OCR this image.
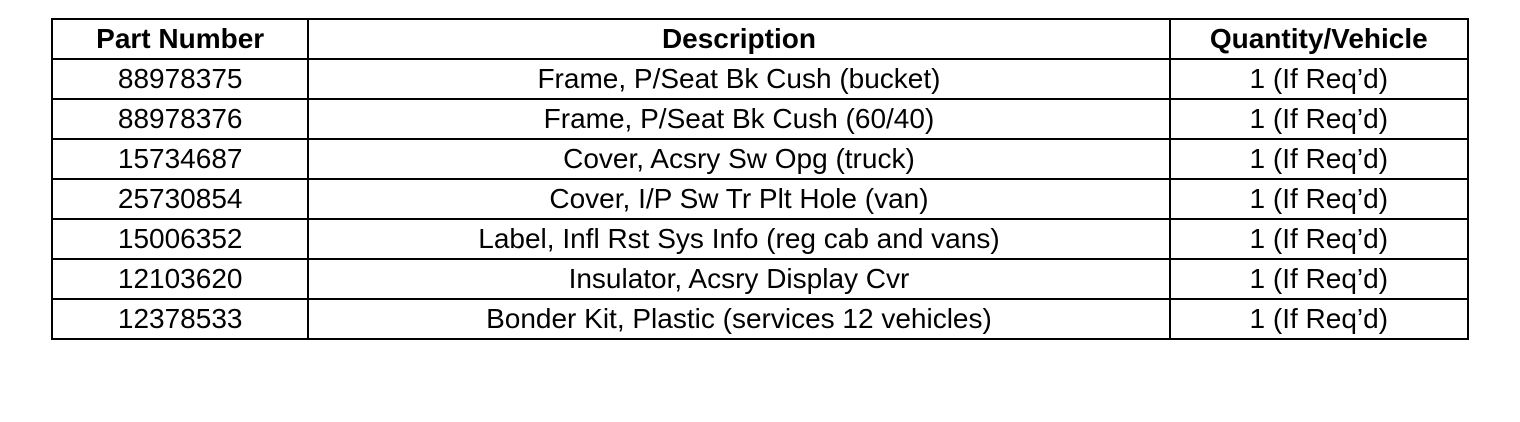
Part Number	Description	Quantity/Vehicle
88978375	Frame, P/Seat Bk Cush (bucket)	1 (If Req’d)
88978376	Frame, P/Seat Bk Cush (60/40)	1 (If Req’d)
15734687	Cover, Acsry Sw Opg (truck)	1 (If Req’d)
25730854	Cover, I/P Sw Tr Plt Hole (van)	1 (If Req’d)
15006352	Label, Infl Rst Sys Info (reg cab and vans)	1 (If Req’d)
12103620	Insulator, Acsry Display Cvr	1 (If Req’d)
12378533	Bonder Kit, Plastic (services 12 vehicles)	1 (If Req’d)
